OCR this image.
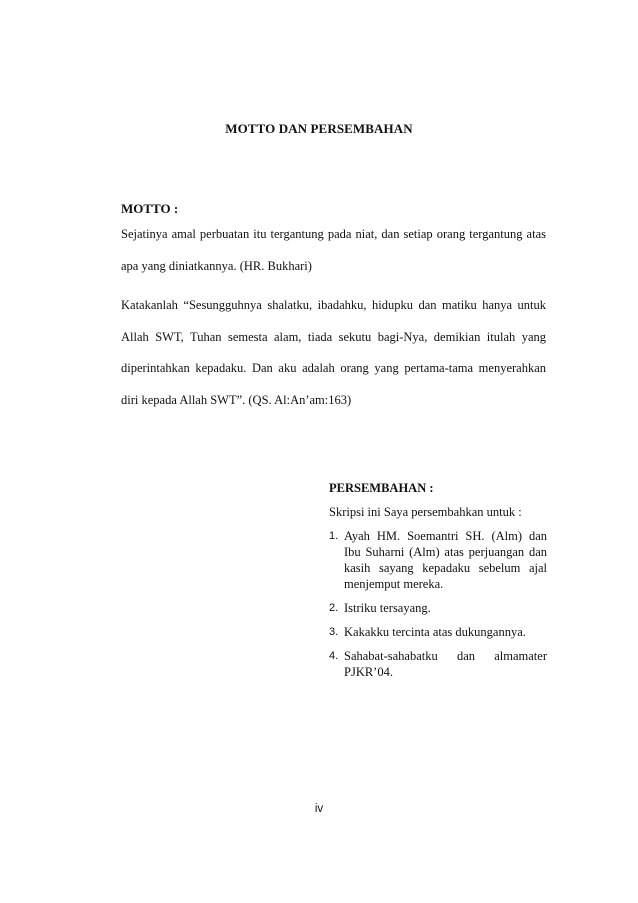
MOTTO DAN PERSEMBAHAN
MOTTO :
Sejatinya amal perbuatan itu tergantung pada niat, dan setiap orang tergantung atas apa yang diniatkannya. (HR. Bukhari)
Katakanlah “Sesungguhnya shalatku, ibadahku, hidupku dan matiku hanya untuk Allah SWT, Tuhan semesta alam, tiada sekutu bagi-Nya, demikian itulah yang diperintahkan kepadaku. Dan aku adalah orang yang pertama-tama menyerahkan diri kepada Allah SWT”. (QS. Al:An’am:163)
PERSEMBAHAN :
Skripsi ini Saya persembahkan untuk :
1. Ayah HM. Soemantri SH. (Alm) dan Ibu Suharni (Alm) atas perjuangan dan kasih sayang kepadaku sebelum ajal menjemput mereka.
2. Istriku tersayang.
3. Kakakku tercinta atas dukungannya.
4. Sahabat-sahabatku dan almamater PJKR’04.
iv
